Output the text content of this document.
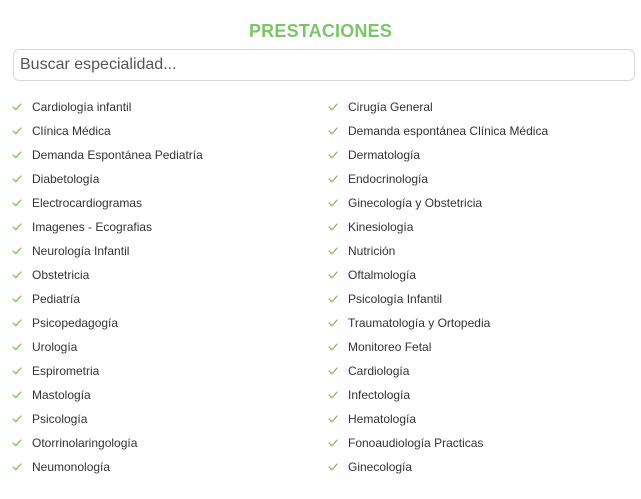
PRESTACIONES
Buscar especialidad...
Cardiología infantil
Clínica Médica
Demanda Espontánea Pediatría
Diabetología
Electrocardiogramas
Imagenes - Ecografias
Neurología Infantil
Obstetricia
Pediatría
Psicopedagogía
Urología
Espirometria
Mastología
Psicología
Otorrinolaringología
Neumonología
Cirugía General
Demanda espontánea Clínica Médica
Dermatología
Endocrinología
Ginecología y Obstetricia
Kinesiología
Nutrición
Oftalmología
Psicología Infantil
Traumatología y Ortopedia
Monitoreo Fetal
Cardiología
Infectología
Hematología
Fonoaudiología Practicas
Ginecología
